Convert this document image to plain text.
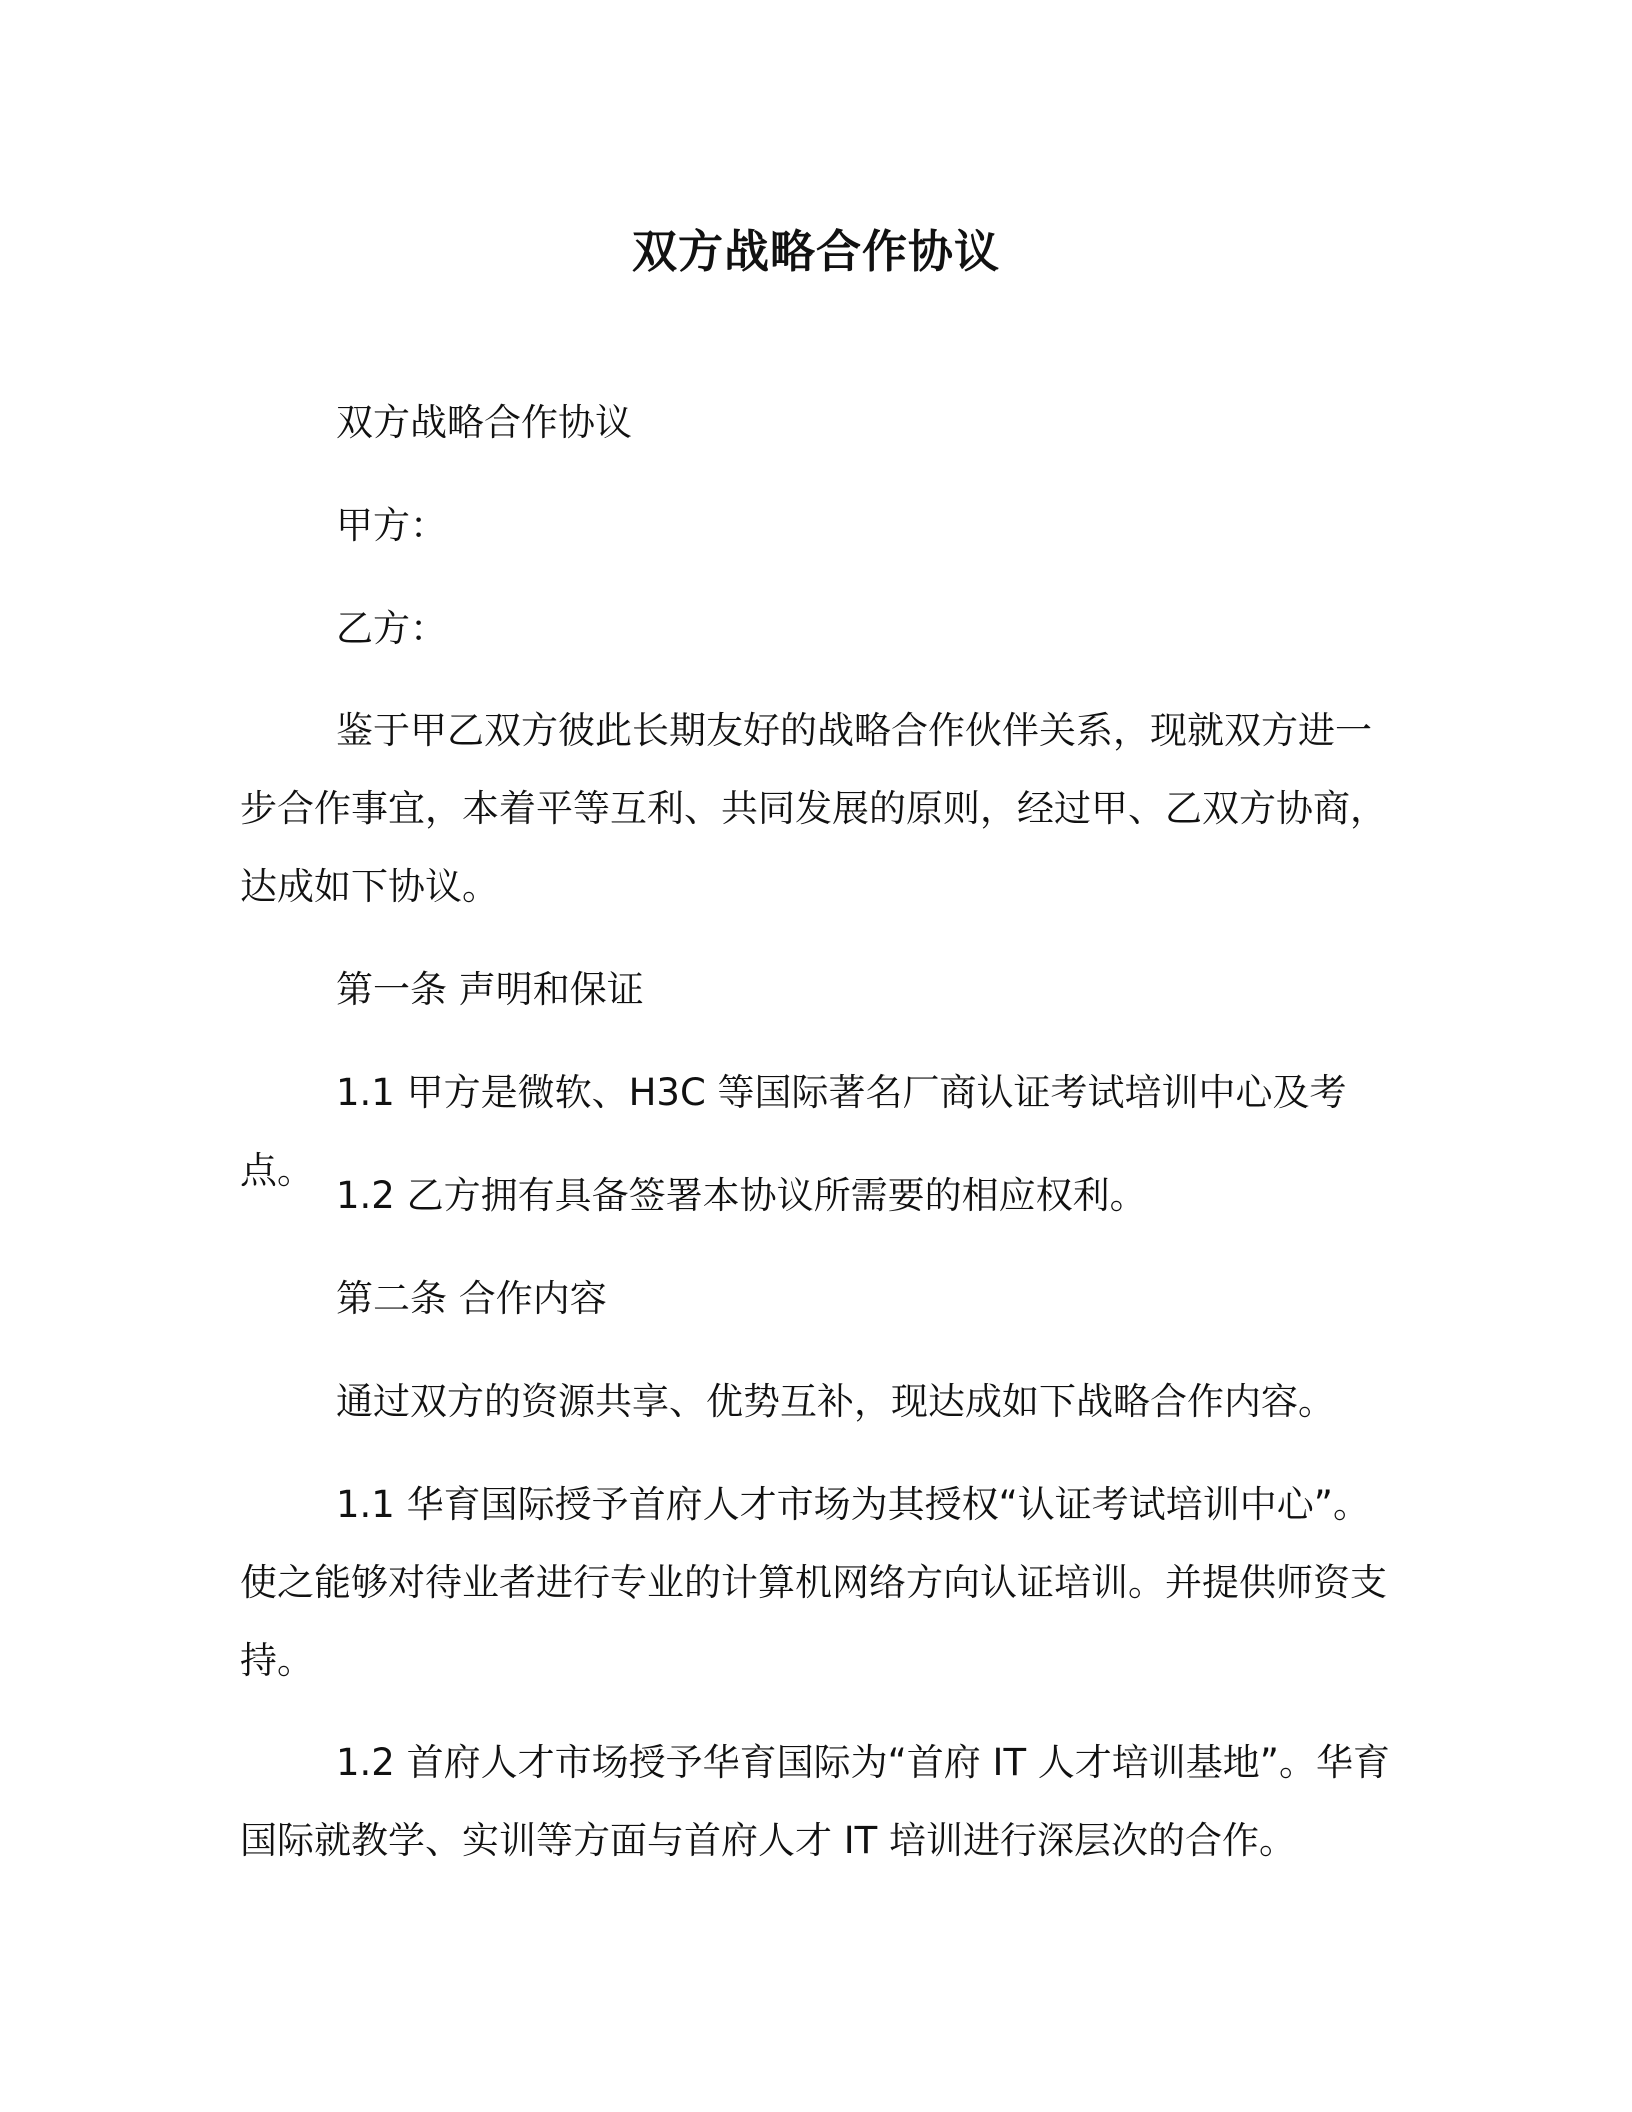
双方战略合作协议

双方战略合作协议

甲方：

乙方：

鉴于甲乙双方彼此长期友好的战略合作伙伴关系，现就双方进一步合作事宜，本着平等互利、共同发展的原则，经过甲、乙双方协商，达成如下协议。

第一条 声明和保证

1.1 甲方是微软、H3C 等国际著名厂商认证考试培训中心及考点。

1.2 乙方拥有具备签署本协议所需要的相应权利。

第二条 合作内容

通过双方的资源共享、优势互补，现达成如下战略合作内容。

1.1 华育国际授予首府人才市场为其授权“认证考试培训中心”。使之能够对待业者进行专业的计算机网络方向认证培训。并提供师资支持。

1.2 首府人才市场授予华育国际为“首府 IT 人才培训基地”。华育国际就教学、实训等方面与首府人才 IT 培训进行深层次的合作。
